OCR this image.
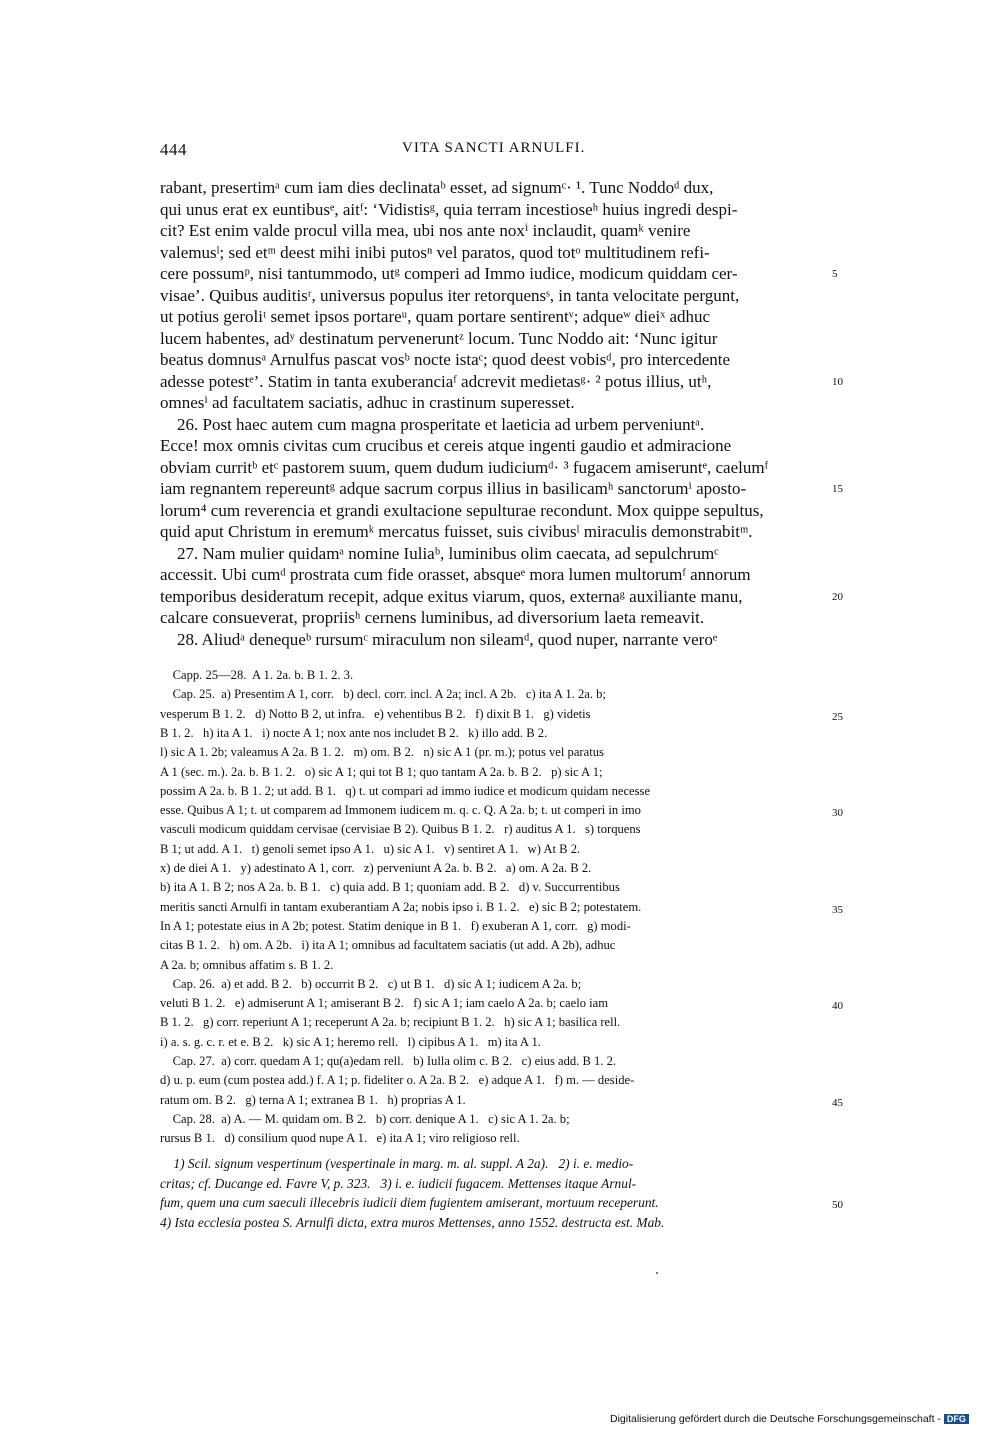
444	VITA SANCTI ARNULFI.
rabant, presertimᵃ cum iam dies declinataᵇ esset, ad signumᶜ· ¹. Tunc Noddoᵈ dux,
qui unus erat ex euntibusᵉ, aitᶠ: ‘Vidistisᵍ, quia terram incestioseʰ huius ingredi despi-
cit? Est enim valde procul villa mea, ubi nos ante noxⁱ inclaudit, quamᵏ venire
valemusˡ; sed etᵐ deest mihi inibi putosⁿ vel paratos, quod totᵒ multitudinem refi-
cere possumᵖ, nisi tantummodo, utᵍ comperi ad Immo iudice, modicum quiddam cer-	5
visae’. Quibus auditisʳ, universus populus iter retorquensˢ, in tanta velocitate pergunt,
ut potius geroliᵗ semet ipsos portareᵘ, quam portare sentirentᵛ; adqueʷ dieiˣ adhuc
lucem habentes, adʸ destinatum perveneruntᶻ locum. Tunc Noddo ait: ‘Nunc igitur
beatus domnusᵃ Arnulfus pascat vosᵇ nocte istaᶜ; quod deest vobisᵈ, pro intercedente
adesse potestᵉ’. Statim in tanta exuberanciaᶠ adcrevit medietasᵍ· ² potus illius, utʰ,	10
omnesⁱ ad facultatem saciatis, adhuc in crastinum superesset.
26. Post haec autem cum magna prosperitate et laeticia ad urbem perveniuntᵃ.
Ecce! mox omnis civitas cum crucibus et cereis atque ingenti gaudio et admiracione
obviam curritᵇ etᶜ pastorem suum, quem dudum iudiciumᵈ· ³ fugacem amiseruntᵉ, caelumᶠ
iam regnantem repereuntᵍ adque sacrum corpus illius in basilicamʰ sanctorumⁱ aposto-	15
lorum⁴ cum reverencia et grandi exultacione sepulturae recondunt. Mox quippe sepultus,
quid aput Christum in eremumᵏ mercatus fuisset, suis civibusˡ miraculis demonstrabitᵐ.
27. Nam mulier quidamᵃ nomine Iuliaᵇ, luminibus olim caecata, ad sepulchrumᶜ
accessit. Ubi cumᵈ prostrata cum fide orasset, absqueᵉ mora lumen multorumᶠ annorum
temporibus desideratum recepit, adque exitus viarum, quos, externaᵍ auxiliante manu,	20
calcare consueverat, propriisʰ cernens luminibus, ad diversorium laeta remeavit.
28. Aliudᵃ denequeᵇ rursumᶜ miraculum non sileamᵈ, quod nuper, narrante veroᵉ
Capp. 25—28.  A 1. 2a. b. B 1. 2. 3.
Cap. 25.  a) Presentim A 1, corr.   b) decl. corr. incl. A 2a; incl. A 2b.   c) ita A 1. 2a. b;
vesperum B 1. 2.   d) Notto B 2, ut infra.   e) vehentibus B 2.   f) dixit B 1.   g) videtis	25
B 1. 2.   h) ita A 1.   i) nocte A 1; nox ante nos includet B 2.   k) illo add. B 2.
l) sic A 1. 2b; valeamus A 2a. B 1. 2.   m) om. B 2.   n) sic A 1 (pr. m.); potus vel paratus
A 1 (sec. m.). 2a. b. B 1. 2.   o) sic A 1; qui tot B 1; quo tantam A 2a. b. B 2.   p) sic A 1;
possim A 2a. b. B 1. 2; ut add. B 1.   q) t. ut compari ad immo iudice et modicum quidam necesse
esse. Quibus A 1; t. ut comparem ad Immonem iudicem m. q. c. Q. A 2a. b; t. ut comperi in imo	30
vasculi modicum quiddam cervisae (cervisiae B 2). Quibus B 1. 2.   r) auditus A 1.   s) torquens
B 1; ut add. A 1.   t) genoli semet ipso A 1.   u) sic A 1.   v) sentiret A 1.   w) At B 2.
x) de diei A 1.   y) adestinato A 1, corr.   z) perveniunt A 2a. b. B 2.   a) om. A 2a. B 2.
b) ita A 1. B 2; nos A 2a. b. B 1.   c) quia add. B 1; quoniam add. B 2.   d) v. Succurrentibus
meritis sancti Arnulfi in tantam exuberantiam A 2a; nobis ipso i. B 1. 2.   e) sic B 2; potestatem.	35
In A 1; potestate eius in A 2b; potest. Statim denique in B 1.   f) exuberan A 1, corr.   g) modi-
citas B 1. 2.   h) om. A 2b.   i) ita A 1; omnibus ad facultatem saciatis (ut add. A 2b), adhuc
A 2a. b; omnibus affatim s. B 1. 2.
Cap. 26.  a) et add. B 2.   b) occurrit B 2.   c) ut B 1.   d) sic A 1; iudicem A 2a. b;
veluti B 1. 2.   e) admiserunt A 1; amiserant B 2.   f) sic A 1; iam caelo A 2a. b; caelo iam	40
B 1. 2.   g) corr. reperiunt A 1; receperunt A 2a. b; recipiunt B 1. 2.   h) sic A 1; basilica rell.
i) a. s. g. c. r. et e. B 2.   k) sic A 1; heremo rell.   l) cipibus A 1.   m) ita A 1.
Cap. 27.  a) corr. quedam A 1; qu(a)edam rell.   b) Iulla olim c. B 2.   c) eius add. B 1. 2.
d) u. p. eum (cum postea add.) f. A 1; p. fideliter o. A 2a. B 2.   e) adque A 1.   f) m. — deside-
ratum om. B 2.   g) terna A 1; extranea B 1.   h) proprias A 1.	45
Cap. 28.  a) A. — M. quidam om. B 2.   b) corr. denique A 1.   c) sic A 1. 2a. b;
rursus B 1.   d) consilium quod nupe A 1.   e) ita A 1; viro religioso rell.
1) Scil. signum vespertinum (vespertinale in marg. m. al. suppl. A 2a).   2) i. e. medio-
critas; cf. Ducange ed. Favre V, p. 323.   3) i. e. iudicii fugacem. Mettenses itaque Arnul-
fum, quem una cum saeculi illecebris iudicii diem fugientem amiserant, mortuum receperunt.	50
4) Ista ecclesia postea S. Arnulfi dicta, extra muros Mettenses, anno 1552. destructa est. Mab.
Digitalisierung gefördert durch die Deutsche Forschungsgemeinschaft - DFG
